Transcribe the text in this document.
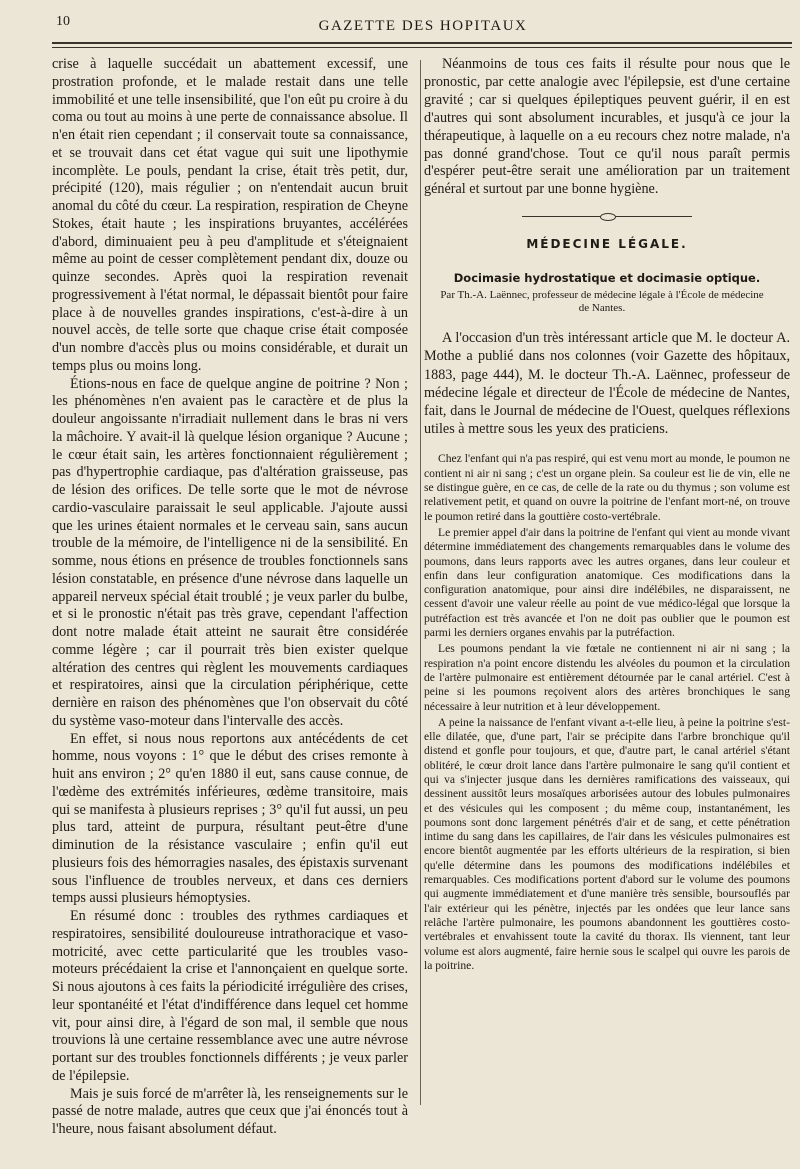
10	GAZETTE DES HOPITAUX

crise à laquelle succédait un abattement excessif, une prostration profonde, et le malade restait dans une telle immobilité et une telle insensibilité, que l'on eût pu croire à du coma ou tout au moins à une perte de connaissance absolue. Il n'en était rien cependant ; il conservait toute sa connaissance, et se trouvait dans cet état vague qui suit une lipothymie incomplète. Le pouls, pendant la crise, était très petit, dur, précipité (120), mais régulier ; on n'entendait aucun bruit anomal du côté du cœur. La respiration, respiration de Cheyne Stokes, était haute ; les inspirations bruyantes, accélérées d'abord, diminuaient peu à peu d'amplitude et s'éteignaient même au point de cesser complètement pendant dix, douze ou quinze secondes. Après quoi la respiration revenait progressivement à l'état normal, le dépassait bientôt pour faire place à de nouvelles grandes inspirations, c'est-à-dire à un nouvel accès, de telle sorte que chaque crise était composée d'un nombre d'accès plus ou moins considérable, et durait un temps plus ou moins long.

Étions-nous en face de quelque angine de poitrine ? Non ; les phénomènes n'en avaient pas le caractère et de plus la douleur angoissante n'irradiait nullement dans le bras ni vers la mâchoire. Y avait-il là quelque lésion organique ? Aucune ; le cœur était sain, les artères fonctionnaient régulièrement ; pas d'hypertrophie cardiaque, pas d'altération graisseuse, pas de lésion des orifices. De telle sorte que le mot de névrose cardio-vasculaire paraissait le seul applicable. J'ajoute aussi que les urines étaient normales et le cerveau sain, sans aucun trouble de la mémoire, de l'intelligence ni de la sensibilité. En somme, nous étions en présence de troubles fonctionnels sans lésion constatable, en présence d'une névrose dans laquelle un appareil nerveux spécial était troublé ; je veux parler du bulbe, et si le pronostic n'était pas très grave, cependant l'affection dont notre malade était atteint ne saurait être considérée comme légère ; car il pourrait très bien exister quelque altération des centres qui règlent les mouvements cardiaques et respiratoires, ainsi que la circulation périphérique, cette dernière en raison des phénomènes que l'on observait du côté du système vaso-moteur dans l'intervalle des accès.

En effet, si nous nous reportons aux antécédents de cet homme, nous voyons : 1° que le début des crises remonte à huit ans environ ; 2° qu'en 1880 il eut, sans cause connue, de l'œdème des extrémités inférieures, œdème transitoire, mais qui se manifesta à plusieurs reprises ; 3° qu'il fut aussi, un peu plus tard, atteint de purpura, résultant peut-être d'une diminution de la résistance vasculaire ; enfin qu'il eut plusieurs fois des hémorragies nasales, des épistaxis survenant sous l'influence de troubles nerveux, et dans ces derniers temps aussi plusieurs hémoptysies.

En résumé donc : troubles des rythmes cardiaques et respiratoires, sensibilité douloureuse intrathoracique et vaso-motricité, avec cette particularité que les troubles vaso-moteurs précédaient la crise et l'annonçaient en quelque sorte. Si nous ajoutons à ces faits la périodicité irrégulière des crises, leur spontanéité et l'état d'indifférence dans lequel cet homme vit, pour ainsi dire, à l'égard de son mal, il semble que nous trouvions là une certaine ressemblance avec une autre névrose portant sur des troubles fonctionnels différents ; je veux parler de l'épilepsie.

Mais je suis forcé de m'arrêter là, les renseignements sur le passé de notre malade, autres que ceux que j'ai énoncés tout à l'heure, nous faisant absolument défaut.

Néanmoins de tous ces faits il résulte pour nous que le pronostic, par cette analogie avec l'épilepsie, est d'une certaine gravité ; car si quelques épileptiques peuvent guérir, il en est d'autres qui sont absolument incurables, et jusqu'à ce jour la thérapeutique, à laquelle on a eu recours chez notre malade, n'a pas donné grand'chose. Tout ce qu'il nous paraît permis d'espérer peut-être serait une amélioration par un traitement général et surtout par une bonne hygiène.

MÉDECINE LÉGALE.
Docimasie hydrostatique et docimasie optique.
Par Th.-A. Laënnec, professeur de médecine légale à l'École de médecine de Nantes.

A l'occasion d'un très intéressant article que M. le docteur A. Mothe a publié dans nos colonnes (voir Gazette des hôpitaux, 1883, page 444), M. le docteur Th.-A. Laënnec, professeur de médecine légale et directeur de l'École de médecine de Nantes, fait, dans le Journal de médecine de l'Ouest, quelques réflexions utiles à mettre sous les yeux des praticiens.

Chez l'enfant qui n'a pas respiré, qui est venu mort au monde, le poumon ne contient ni air ni sang ; c'est un organe plein. Sa couleur est lie de vin, elle ne se distingue guère, en ce cas, de celle de la rate ou du thymus ; son volume est relativement petit, et quand on ouvre la poitrine de l'enfant mort-né, on trouve le poumon retiré dans la gouttière costo-vertébrale.

Le premier appel d'air dans la poitrine de l'enfant qui vient au monde vivant détermine immédiatement des changements remarquables dans le volume des poumons, dans leurs rapports avec les autres organes, dans leur couleur et enfin dans leur configuration anatomique. Ces modifications dans la configuration anatomique, pour ainsi dire indélébiles, ne disparaissent, ne cessent d'avoir une valeur réelle au point de vue médico-légal que lorsque la putréfaction est très avancée et l'on ne doit pas oublier que le poumon est parmi les derniers organes envahis par la putréfaction.

Les poumons pendant la vie fœtale ne contiennent ni air ni sang ; la respiration n'a point encore distendu les alvéoles du poumon et la circulation de l'artère pulmonaire est entièrement détournée par le canal artériel. C'est à peine si les poumons reçoivent alors des artères bronchiques le sang nécessaire à leur nutrition et à leur développement.

A peine la naissance de l'enfant vivant a-t-elle lieu, à peine la poitrine s'est-elle dilatée, que, d'une part, l'air se précipite dans l'arbre bronchique qu'il distend et gonfle pour toujours, et que, d'autre part, le canal artériel s'étant oblitéré, le cœur droit lance dans l'artère pulmonaire le sang qu'il contient et qui va s'injecter jusque dans les dernières ramifications des vaisseaux, qui dessinent aussitôt leurs mosaïques arborisées autour des lobules pulmonaires et des vésicules qui les composent ; du même coup, instantanément, les poumons sont donc largement pénétrés d'air et de sang, et cette pénétration intime du sang dans les capillaires, de l'air dans les vésicules pulmonaires est encore bientôt augmentée par les efforts ultérieurs de la respiration, si bien qu'elle détermine dans les poumons des modifications indélébiles et remarquables. Ces modifications portent d'abord sur le volume des poumons qui augmente immédiatement et d'une manière très sensible, boursouflés par l'air extérieur qui les pénètre, injectés par les ondées que leur lance sans relâche l'artère pulmonaire, les poumons abandonnent les gouttières costo-vertébrales et envahissent toute la cavité du thorax. Ils viennent, tant leur volume est alors augmenté, faire hernie sous le scalpel qui ouvre les parois de la poitrine.
